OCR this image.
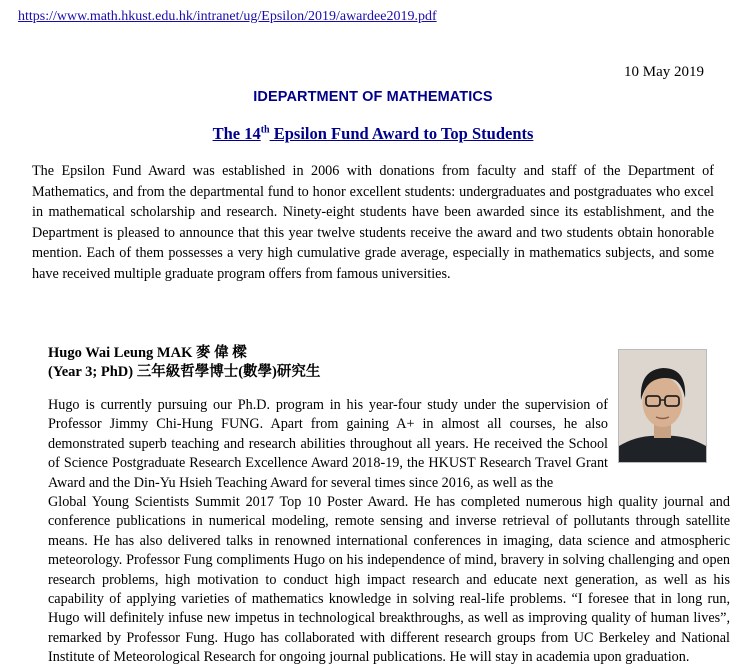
https://www.math.hkust.edu.hk/intranet/ug/Epsilon/2019/awardee2019.pdf
10 May 2019
IDEPARTMENT OF MATHEMATICS
The 14th Epsilon Fund Award to Top Students
The Epsilon Fund Award was established in 2006 with donations from faculty and staff of the Department of Mathematics, and from the departmental fund to honor excellent students: undergraduates and postgraduates who excel in mathematical scholarship and research. Ninety-eight students have been awarded since its establishment, and the Department is pleased to announce that this year twelve students receive the award and two students obtain honorable mention. Each of them possesses a very high cumulative grade average, especially in mathematics subjects, and some have received multiple graduate program offers from famous universities.
Hugo Wai Leung MAK 麥 偉 樑
(Year 3; PhD) 三年級哲學博士(數學)研究生
Hugo is currently pursuing our Ph.D. program in his year-four study under the supervision of Professor Jimmy Chi-Hung FUNG. Apart from gaining A+ in almost all courses, he also demonstrated superb teaching and research abilities throughout all years. He received the School of Science Postgraduate Research Excellence Award 2018-19, the HKUST Research Travel Grant Award and the Din-Yu Hsieh Teaching Award for several times since 2016, as well as the
Global Young Scientists Summit 2017 Top 10 Poster Award. He has completed numerous high quality journal and conference publications in numerical modeling, remote sensing and inverse retrieval of pollutants through satellite means. He has also delivered talks in renowned international conferences in imaging, data science and atmospheric meteorology. Professor Fung compliments Hugo on his independence of mind, bravery in solving challenging and open research problems, high motivation to conduct high impact research and educate next generation, as well as his capability of applying varieties of mathematics knowledge in solving real-life problems. “I foresee that in long run, Hugo will definitely infuse new impetus in technological breakthroughs, as well as improving quality of human lives”, remarked by Professor Fung. Hugo has collaborated with different research groups from UC Berkeley and National Institute of Meteorological Research for ongoing journal publications. He will stay in academia upon graduation.
